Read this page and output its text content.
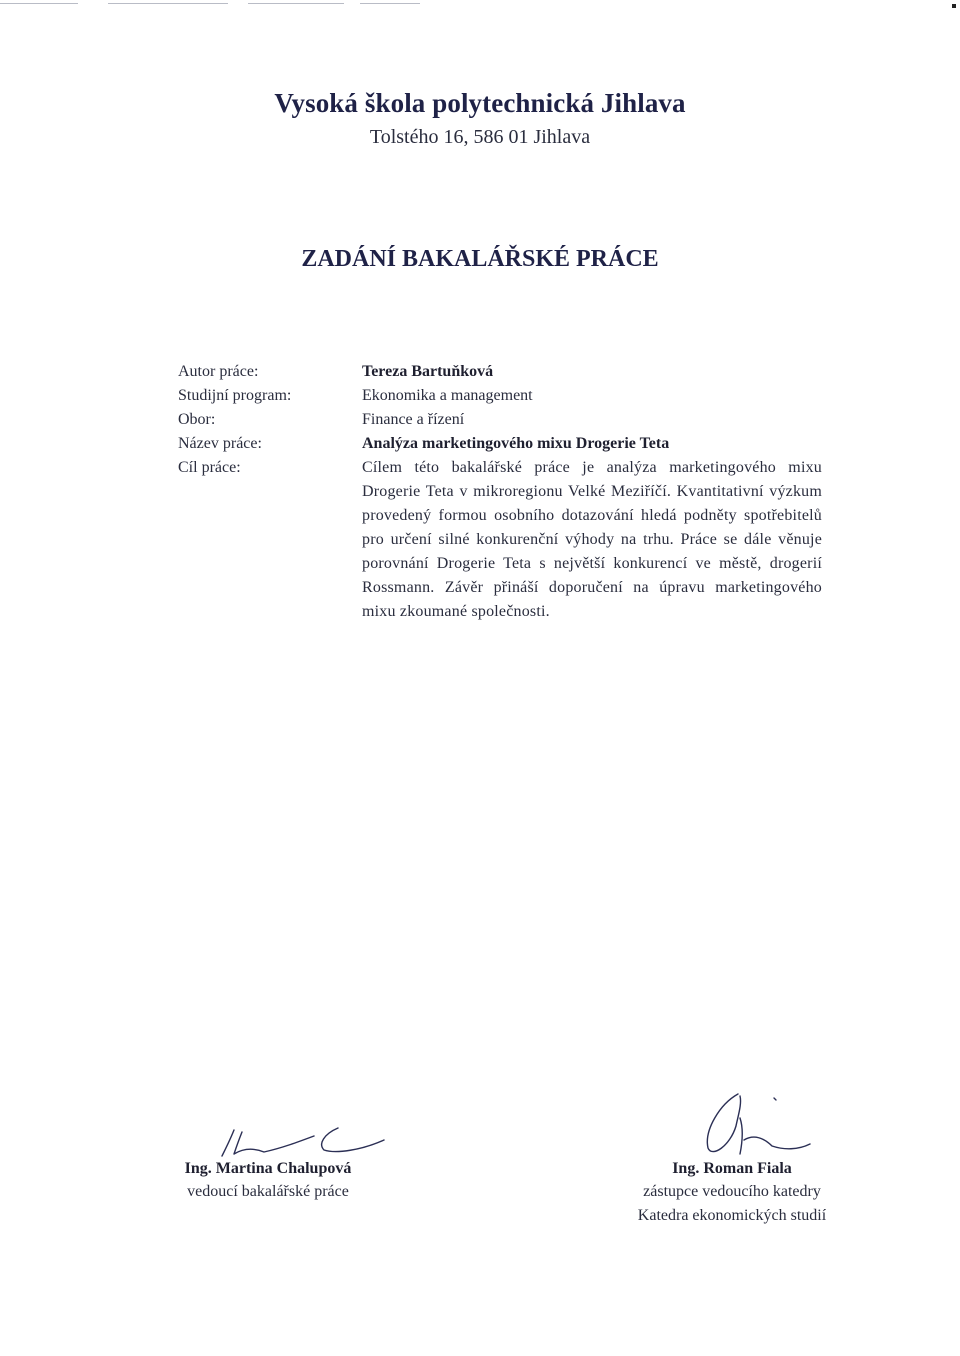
Vysoká škola polytechnická Jihlava
Tolstého 16, 586 01 Jihlava
ZADÁNÍ BAKALÁŘSKÉ PRÁCE
Autor práce:
Studijní program:
Obor:
Název práce:
Cíl práce:
Tereza Bartuňková
Ekonomika a management
Finance a řízení
Analýza marketingového mixu Drogerie Teta
Cílem této bakalářské práce je analýza marketingového mixu Drogerie Teta v mikroregionu Velké Meziříčí. Kvantitativní výzkum provedený formou osobního dotazování hledá podněty spotřebitelů pro určení silné konkurenční výhody na trhu. Práce se dále věnuje porovnání Drogerie Teta s největší konkurencí ve městě, drogerií Rossmann. Závěr přináší doporučení na úpravu marketingového mixu zkoumané společnosti.
Ing. Martina Chalupová
vedoucí bakalářské práce
Ing. Roman Fiala
zástupce vedoucího katedry
Katedra ekonomických studií
